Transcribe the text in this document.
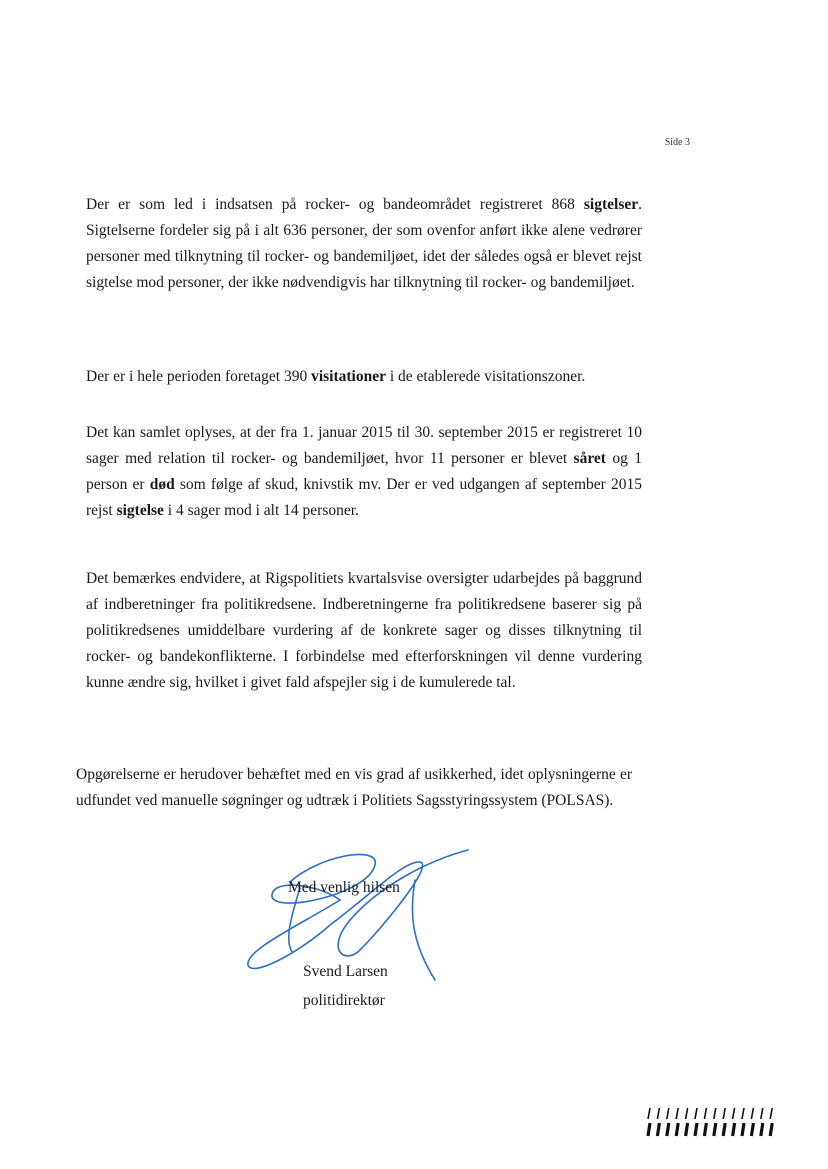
Side 3

Der er som led i indsatsen på rocker- og bandeområdet registreret 868 sigtelser. Sigtelserne fordeler sig på i alt 636 personer, der som ovenfor anført ikke alene vedrører personer med tilknytning til rocker- og bandemiljøet, idet der således også er blevet rejst sigtelse mod personer, der ikke nødvendigvis har tilknytning til rocker- og bandemiljøet.

Der er i hele perioden foretaget 390 visitationer i de etablerede visitationszoner.

Det kan samlet oplyses, at der fra 1. januar 2015 til 30. september 2015 er registreret 10 sager med relation til rocker- og bandemiljøet, hvor 11 personer er blevet såret og 1 person er død som følge af skud, knivstik mv. Der er ved udgangen af september 2015 rejst sigtelse i 4 sager mod i alt 14 personer.

Det bemærkes endvidere, at Rigspolitiets kvartalsvise oversigter udarbejdes på baggrund af indberetninger fra politikredsene. Indberetningerne fra politikredsene baserer sig på politikredsenes umiddelbare vurdering af de konkrete sager og disses tilknytning til rocker- og bandekonflikterne. I forbindelse med efterforskningen vil denne vurdering kunne ændre sig, hvilket i givet fald afspejler sig i de kumulerede tal.

Opgørelserne er herudover behæftet med en vis grad af usikkerhed, idet oplysningerne er udfundet ved manuelle søgninger og udtræk i Politiets Sagsstyringssystem (POLSAS).

Med venlig hilsen
Svend Larsen
politidirektør
